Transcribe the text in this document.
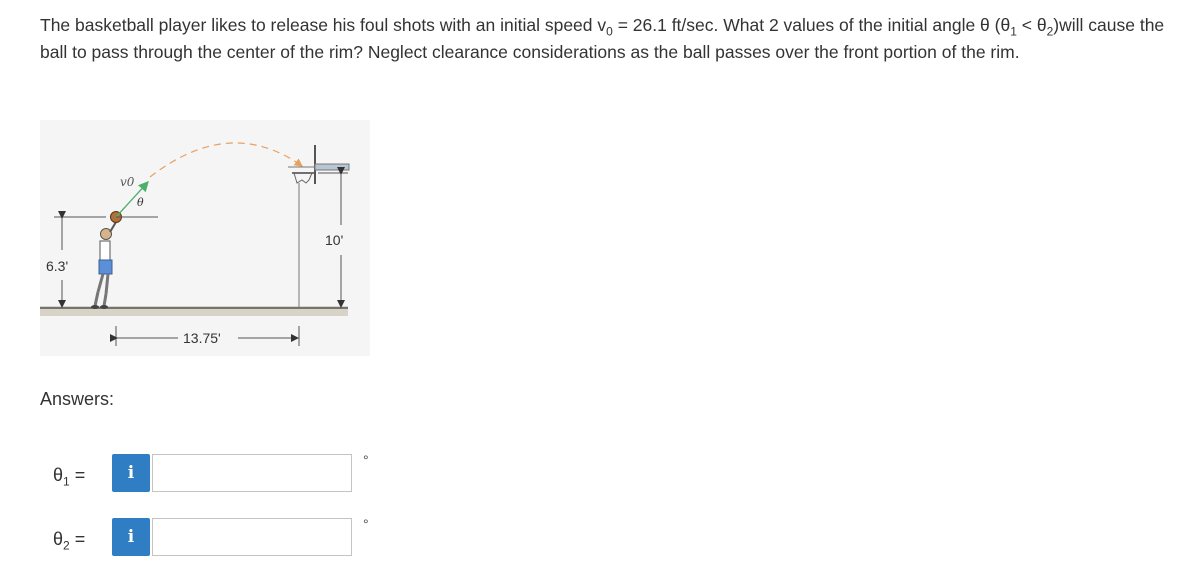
The basketball player likes to release his foul shots with an initial speed $v_0 = 26.1$ ft/sec. What 2 values of the initial angle θ ($\theta_1$ < $\theta_2)will$ cause the ball to pass through the center of the rim? Neglect clearance considerations as the ball passes over the front portion of the rim.
6.3'
v0
θ
10'
13.75'
Answers:
$\theta_1$ =	i
°
$\theta_2$ =	i
°
